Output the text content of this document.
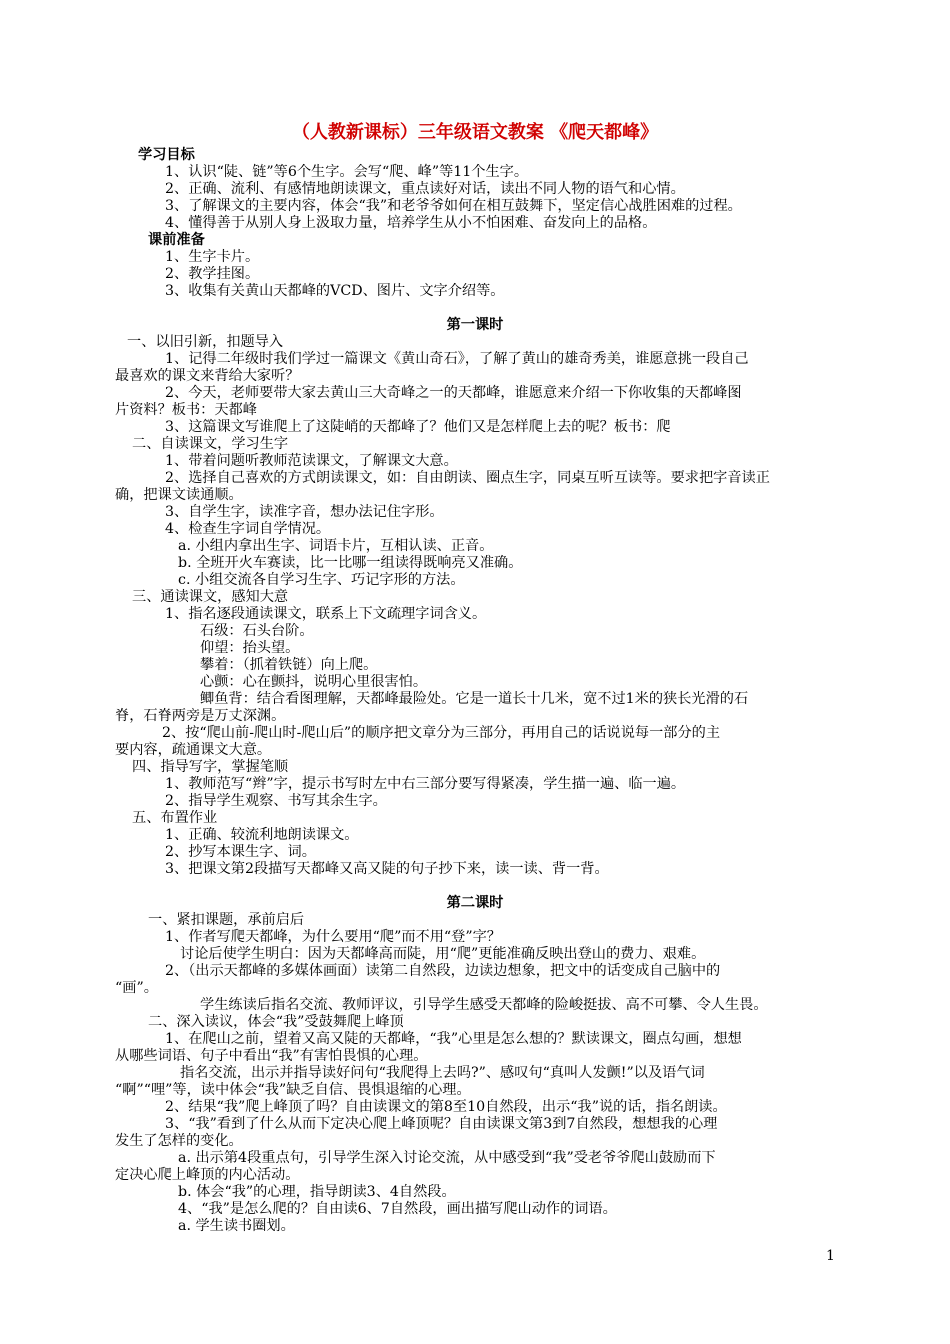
（人教新课标）三年级语文教案 《爬天都峰》
学习目标
1、认识“陡、链”等6个生字。会写“爬、峰”等11个生字。
2、正确、流利、有感情地朗读课文，重点读好对话，读出不同人物的语气和心情。
3、了解课文的主要内容，体会“我”和老爷爷如何在相互鼓舞下，坚定信心战胜困难的过程。
4、懂得善于从别人身上汲取力量，培养学生从小不怕困难、奋发向上的品格。
课前准备
1、生字卡片。
2、教学挂图。
3、收集有关黄山天都峰的VCD、图片、文字介绍等。
第一课时
一、以旧引新，扣题导入
1、记得二年级时我们学过一篇课文《黄山奇石》，了解了黄山的雄奇秀美，谁愿意挑一段自己
最喜欢的课文来背给大家听？
2、今天，老师要带大家去黄山三大奇峰之一的天都峰，谁愿意来介绍一下你收集的天都峰图
片资料？板书：天都峰
3、这篇课文写谁爬上了这陡峭的天都峰了？他们又是怎样爬上去的呢？板书：爬
二、自读课文，学习生字
1、带着问题听教师范读课文，了解课文大意。
2、选择自己喜欢的方式朗读课文，如：自由朗读、圈点生字，同桌互听互读等。要求把字音读正
确，把课文读通顺。
3、自学生字，读准字音，想办法记住字形。
4、检查生字词自学情况。
a. 小组内拿出生字、词语卡片，互相认读、正音。
b. 全班开火车赛读，比一比哪一组读得既响亮又准确。
c. 小组交流各自学习生字、巧记字形的方法。
三、通读课文，感知大意
1、指名逐段通读课文，联系上下文疏理字词含义。
石级：石头台阶。
仰望：抬头望。
攀着：（抓着铁链）向上爬。
心颤：心在颤抖，说明心里很害怕。
鲫鱼背：结合看图理解，天都峰最险处。它是一道长十几米，宽不过1米的狭长光滑的石
脊，石脊两旁是万丈深渊。
2、按“爬山前-爬山时-爬山后”的顺序把文章分为三部分，再用自己的话说说每一部分的主
要内容，疏通课文大意。
四、指导写字，掌握笔顺
1、教师范写“辫”字，提示书写时左中右三部分要写得紧凑，学生描一遍、临一遍。
2、指导学生观察、书写其余生字。
五、布置作业
1、正确、较流利地朗读课文。
2、抄写本课生字、词。
3、把课文第2段描写天都峰又高又陡的句子抄下来，读一读、背一背。
第二课时
一、紧扣课题，承前启后
1、作者写爬天都峰，为什么要用“爬”而不用“登”字？
讨论后使学生明白：因为天都峰高而陡，用“爬”更能准确反映出登山的费力、艰难。
2、（出示天都峰的多媒体画面）读第二自然段，边读边想象，把文中的话变成自己脑中的
“画”。
学生练读后指名交流、教师评议，引导学生感受天都峰的险峻挺拔、高不可攀、令人生畏。
二、深入读议，体会“我”受鼓舞爬上峰顶
1、在爬山之前，望着又高又陡的天都峰，“我”心里是怎么想的？默读课文，圈点勾画，想想
从哪些词语、句子中看出“我”有害怕畏惧的心理。
指名交流，出示并指导读好问句“我爬得上去吗?”、感叹句“真叫人发颤!”以及语气词
“啊”“哩”等，读中体会“我”缺乏自信、畏惧退缩的心理。
2、结果“我”爬上峰顶了吗？自由读课文的第8至10自然段，出示“我”说的话，指名朗读。
3、“我”看到了什么从而下定决心爬上峰顶呢？自由读课文第3到7自然段，想想我的心理
发生了怎样的变化。
a. 出示第4段重点句，引导学生深入讨论交流，从中感受到“我”受老爷爷爬山鼓励而下
定决心爬上峰顶的内心活动。
b. 体会“我”的心理，指导朗读3、4自然段。
4、“我”是怎么爬的？自由读6、7自然段，画出描写爬山动作的词语。
a. 学生读书圈划。
1
